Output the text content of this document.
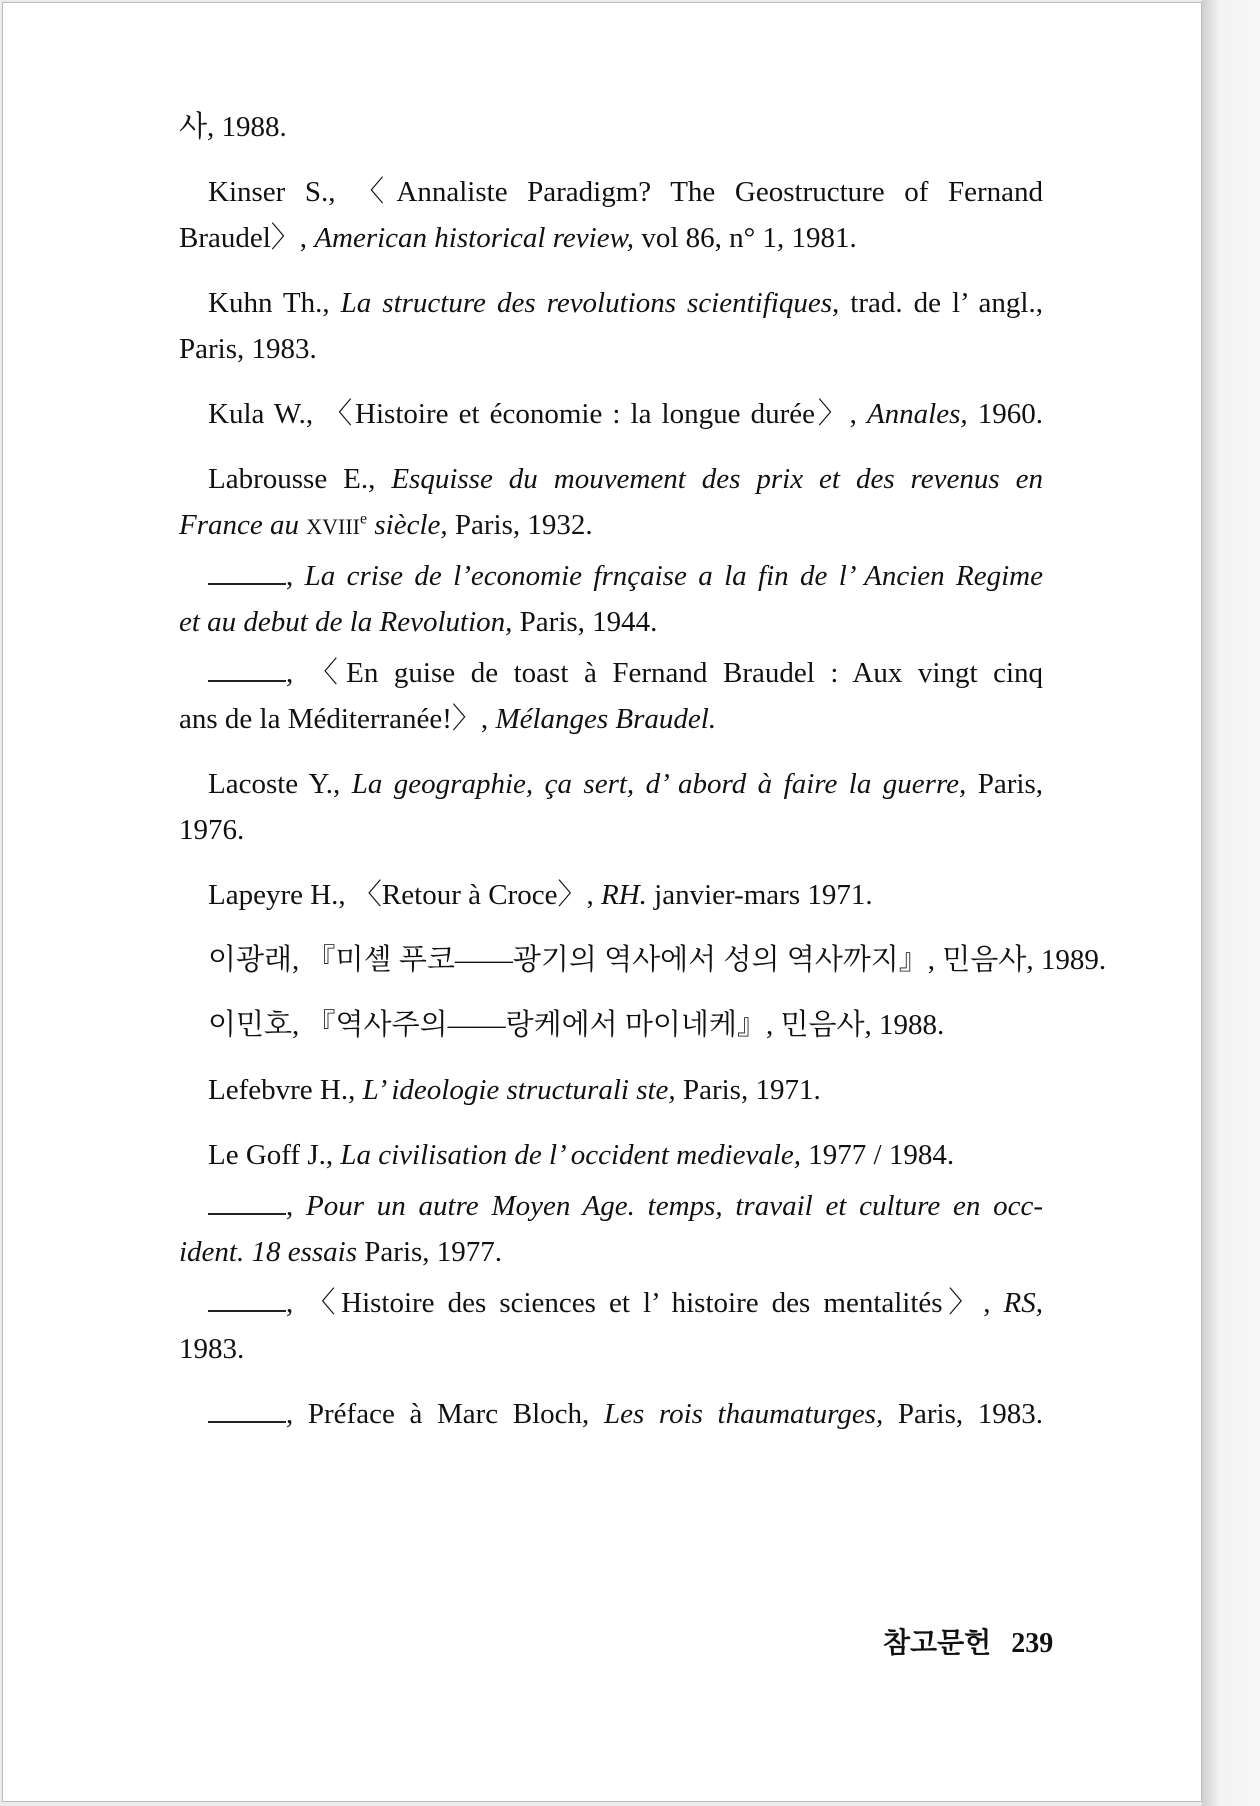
사, 1988.
Kinser S., 〈Annaliste Paradigm? The Geostructure of Fernand
Braudel〉, American historical review, vol 86, n° 1, 1981.
Kuhn Th., La structure des revolutions scientifiques, trad. de l’ angl.,
Paris, 1983.
Kula W., 〈Histoire et économie : la longue durée〉, Annales, 1960.
Labrousse E., Esquisse du mouvement des prix et des revenus en
France au XVIIIe siècle, Paris, 1932.
, La crise de l’economie frnçaise a la fin de l’ Ancien Regime
et au debut de la Revolution, Paris, 1944.
, 〈En guise de toast à Fernand Braudel : Aux vingt cinq
ans de la Méditerranée!〉, Mélanges Braudel.
Lacoste Y., La geographie, ça sert, d’ abord à faire la guerre, Paris,
1976.
Lapeyre H., 〈Retour à Croce〉, RH. janvier-mars 1971.
이광래, 『미셸 푸코――광기의 역사에서 성의 역사까지』, 민음사, 1989.
이민호, 『역사주의――랑케에서 마이네케』, 민음사, 1988.
Lefebvre H., L’ ideologie structurali ste, Paris, 1971.
Le Goff J., La civilisation de l’ occident medievale, 1977 / 1984.
, Pour un autre Moyen Age. temps, travail et culture en occ-
ident. 18 essais Paris, 1977.
, 〈Histoire des sciences et l’ histoire des mentalités〉, RS,
1983.
, Préface à Marc Bloch, Les rois thaumaturges, Paris, 1983.
참고문헌 239
